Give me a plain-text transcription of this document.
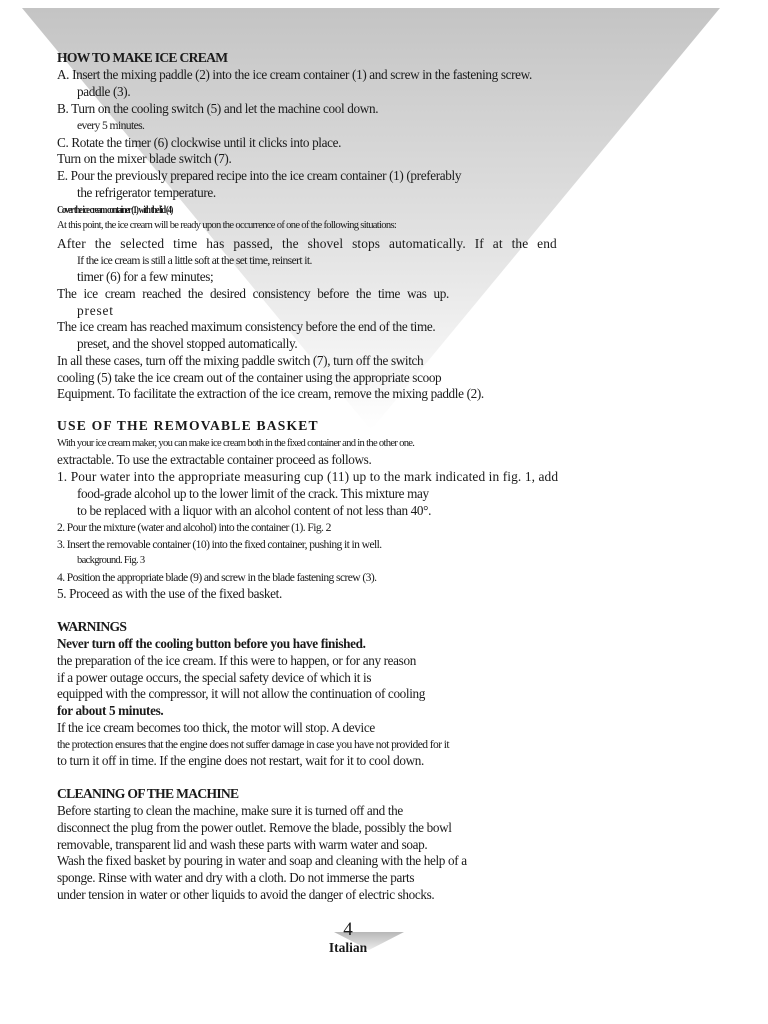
HOW TO MAKE ICE CREAM
A. Insert the mixing paddle (2) into the ice cream container (1) and screw in the fastening screw.
paddle (3).
B. Turn on the cooling switch (5) and let the machine cool down.
every 5 minutes.
C. Rotate the timer (6) clockwise until it clicks into place.
Turn on the mixer blade switch (7).
E. Pour the previously prepared recipe into the ice cream container (1) (preferably
the refrigerator temperature.
Cover the ice cream container (1) with the lid (4)
At this point, the ice cream will be ready upon the occurrence of one of the following situations:
After the selected time has passed, the shovel stops automatically. If at the end
If the ice cream is still a little soft at the set time, reinsert it.
timer (6) for a few minutes;
The ice cream reached the desired consistency before the time was up.
preset
The ice cream has reached maximum consistency before the end of the time.
preset, and the shovel stopped automatically.
In all these cases, turn off the mixing paddle switch (7), turn off the switch
cooling (5) take the ice cream out of the container using the appropriate scoop
Equipment. To facilitate the extraction of the ice cream, remove the mixing paddle (2).
USE OF THE REMOVABLE BASKET
With your ice cream maker, you can make ice cream both in the fixed container and in the other one.
extractable. To use the extractable container proceed as follows.
1. Pour water into the appropriate measuring cup (11) up to the mark indicated in fig. 1, add
food-grade alcohol up to the lower limit of the crack. This mixture may
to be replaced with a liquor with an alcohol content of not less than 40°.
2. Pour the mixture (water and alcohol) into the container (1). Fig. 2
3. Insert the removable container (10) into the fixed container, pushing it in well.
background. Fig. 3
4. Position the appropriate blade (9) and screw in the blade fastening screw (3).
5. Proceed as with the use of the fixed basket.
WARNINGS
Never turn off the cooling button before you have finished.
the preparation of the ice cream. If this were to happen, or for any reason
if a power outage occurs, the special safety device of which it is
equipped with the compressor, it will not allow the continuation of cooling
for about 5 minutes.
If the ice cream becomes too thick, the motor will stop. A device
the protection ensures that the engine does not suffer damage in case you have not provided for it
to turn it off in time. If the engine does not restart, wait for it to cool down.
CLEANING OF THE MACHINE
Before starting to clean the machine, make sure it is turned off and the
disconnect the plug from the power outlet. Remove the blade, possibly the bowl
removable, transparent lid and wash these parts with warm water and soap.
Wash the fixed basket by pouring in water and soap and cleaning with the help of a
sponge. Rinse with water and dry with a cloth. Do not immerse the parts
under tension in water or other liquids to avoid the danger of electric shocks.
4
Italian
